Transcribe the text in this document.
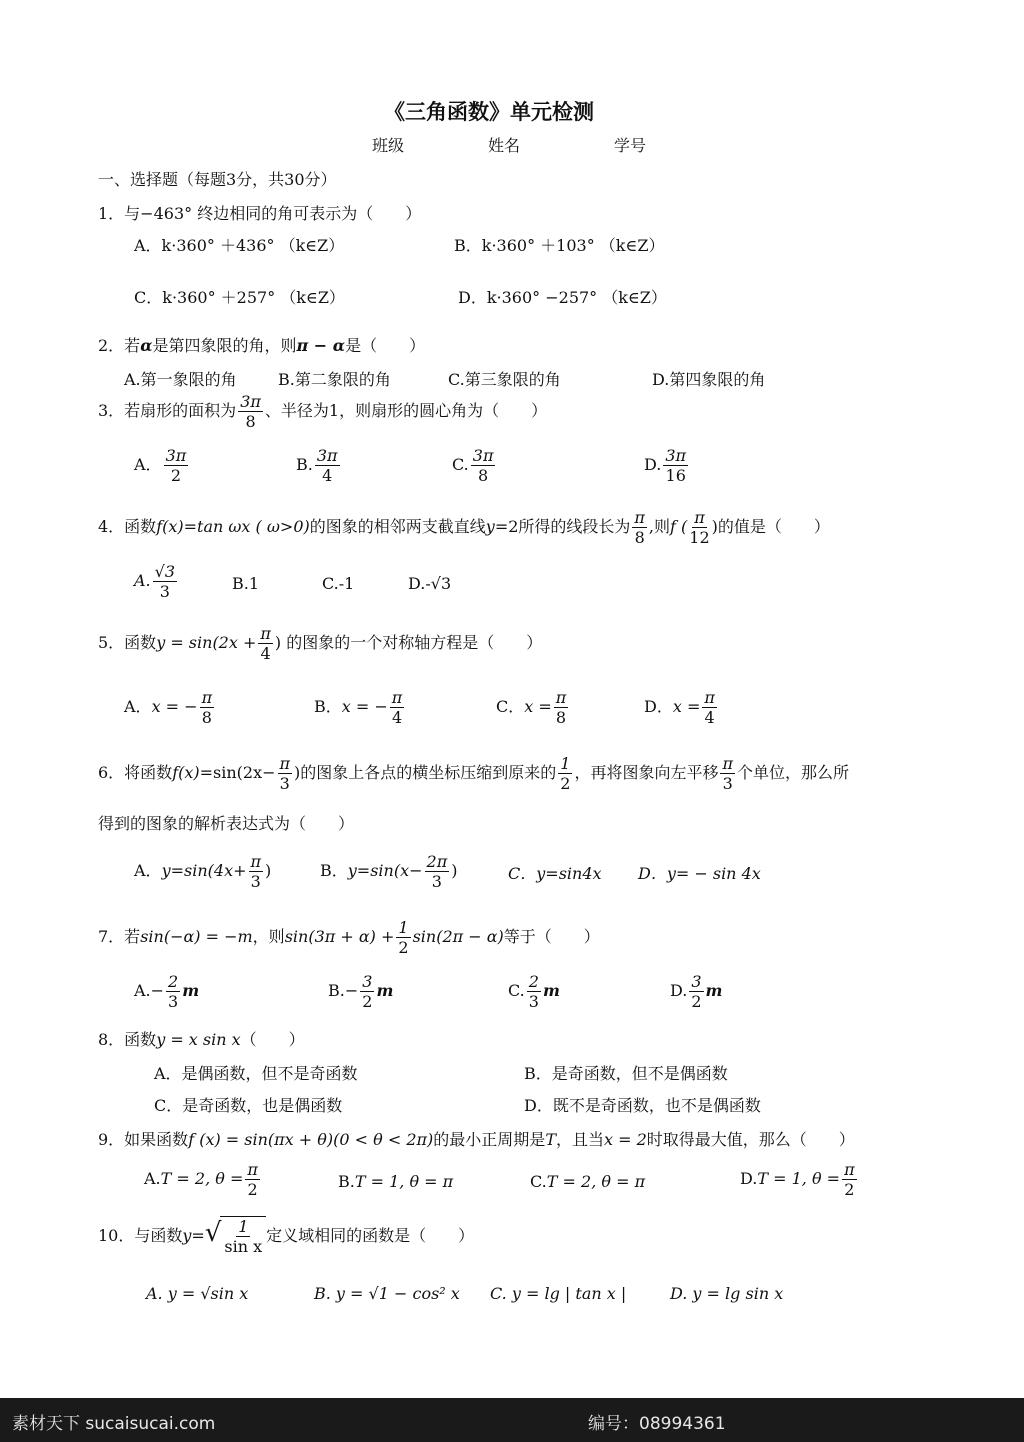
《三角函数》单元检测
班级	姓名	学号
一、选择题（每题3分，共30分）
1．与−463° 终边相同的角可表示为（　　）
A．k·360° ＋436° （k∈Z）	B．k·360° ＋103° （k∈Z）
C．k·360° ＋257° （k∈Z）	D．k·360° −257° （k∈Z）
2．若α是第四象限的角，则π − α是（　　）
A.第一象限的角	B.第二象限的角	C.第三象限的角	D.第四象限的角
3．若扇形的面积为 $\frac{3\pi}{8}$ 、半径为1，则扇形的圆心角为（　　）
A． $\frac{3\pi}{2}$	B. $\frac{3\pi}{4}$	C. $\frac{3\pi}{8}$	D. $\frac{3\pi}{16}$
4．函数f(x)=tan ωx ( ω>0)的图象的相邻两支截直线y=2所得的线段长为 $\frac{\pi}{8}$ ,则f ( $\frac{\pi}{12}$ )的值是（　　）
A. $\frac{√3}{3}$	B.1	C.-1	D.-√3
5．函数$y = \sin(2x + \frac{\pi}{4}$ ) 的图象的一个对称轴方程是（　　）
A．x = − $\frac{\pi}{8}$	B．x = − $\frac{\pi}{4}$	C．$x = \frac{\pi}{8}$	D．$x = \frac{\pi}{4}$
6．将函数$f(x)=\sin(2x- \frac{\pi}{3}$ )的图象上各点的横坐标压缩到原来的 $\frac{1}{2}$ ，再将图象向左平移 $\frac{\pi}{3}$ 个单位，那么所
得到的图象的解析表达式为（　　）
A．$y=\sin(4x+ \frac{\pi}{3}$ )	B．$y=\sin(x- \frac{2\pi}{3}$ )	C．y=sin4x D．y= − sin 4x
7．若sin(−α) = −m，则$\sin(3\pi + \alpha) + \frac{1}{2} \sin(2\pi - \alpha)$等于（　　）
$A.- \frac{2}{3}$ m	$B.- \frac{3}{2}$ m	C. $\frac{2}{3}$ m	D. $\frac{3}{2}$ m
8．函数y = x sin x（　　）
A．是偶函数，但不是奇函数	B．是奇函数，但不是偶函数
C．是奇函数，也是偶函数	D．既不是奇函数，也不是偶函数
9．如果函数f (x) = sin(πx + θ)(0 < θ < 2π)的最小正周期是T，且当x = 2时取得最大值，那么（　　）
A.T = 2, $\theta = \frac{\pi}{2}$	B.T = 1, θ = π	C.T = 2, θ = π	D.T = 1, $\theta = \frac{\pi}{2}$
10．与函数$y=√ \frac{1}{\text{sin x}}$ 定义域相同的函数是（　　）
A. y = √sin x	B. y = √1 − cos² x C. y = lg | tan x |	D. y = lg sin x
素材天下 sucaisucai.com	编号：08994361
